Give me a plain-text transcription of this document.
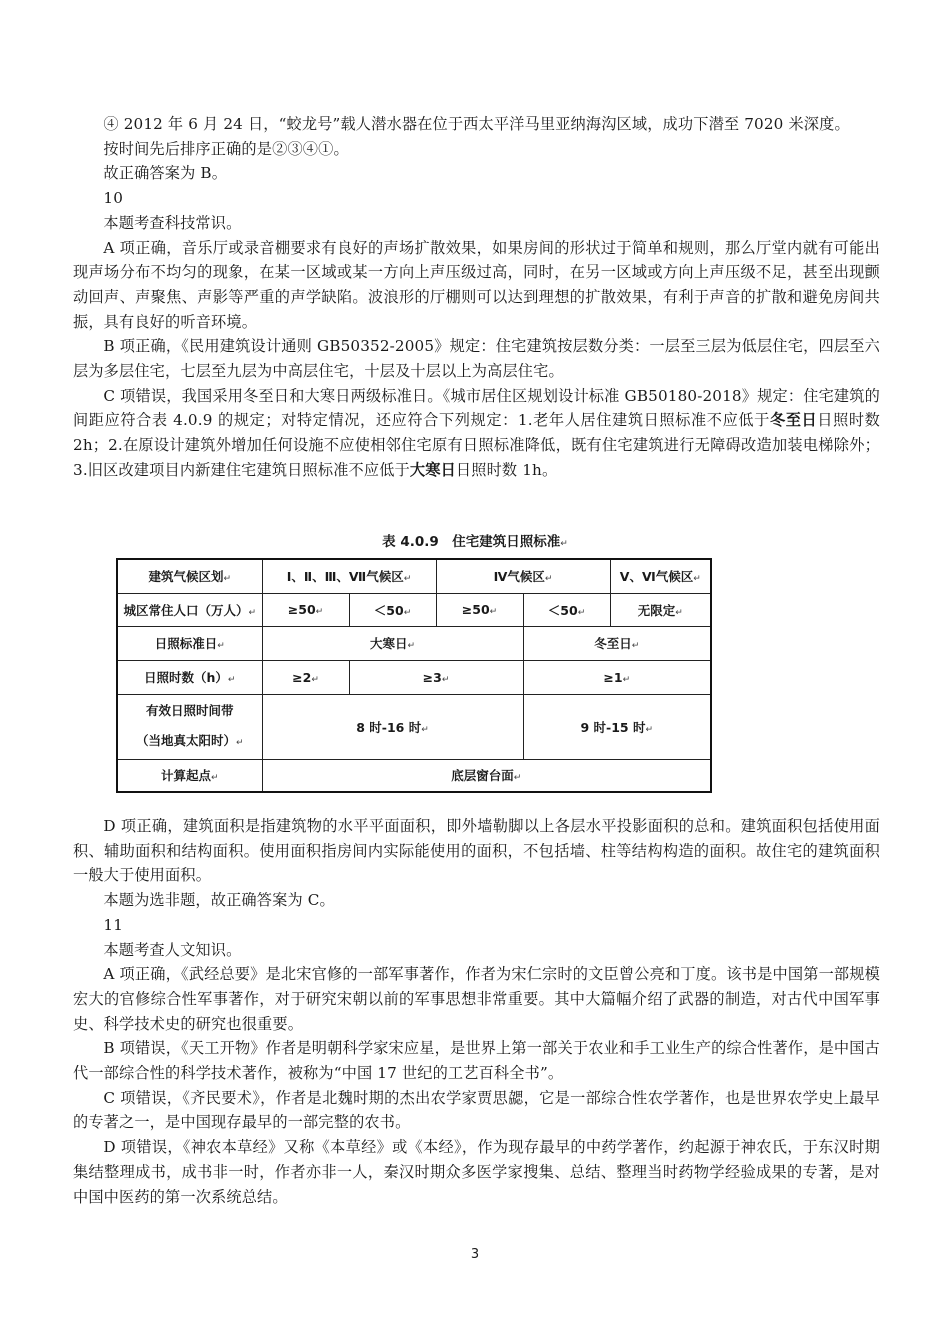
④ 2012 年 6 月 24 日，“蛟龙号”载人潜水器在位于西太平洋马里亚纳海沟区域，成功下潜至 7020 米深度。

按时间先后排序正确的是②③④①。

故正确答案为 B。

10

本题考查科技常识。

A 项正确，音乐厅或录音棚要求有良好的声场扩散效果，如果房间的形状过于简单和规则，那么厅堂内就有可能出现声场分布不均匀的现象，在某一区域或某一方向上声压级过高，同时，在另一区域或方向上声压级不足，甚至出现颤动回声、声聚焦、声影等严重的声学缺陷。波浪形的厅棚则可以达到理想的扩散效果，有利于声音的扩散和避免房间共振，具有良好的听音环境。

B 项正确，《民用建筑设计通则 GB50352-2005》规定：住宅建筑按层数分类：一层至三层为低层住宅，四层至六层为多层住宅，七层至九层为中高层住宅，十层及十层以上为高层住宅。

C 项错误，我国采用冬至日和大寒日两级标准日。《城市居住区规划设计标准 GB50180-2018》规定：住宅建筑的间距应符合表 4.0.9 的规定；对特定情况，还应符合下列规定：1.老年人居住建筑日照标准不应低于冬至日日照时数 2h；2.在原设计建筑外增加任何设施不应使相邻住宅原有日照标准降低，既有住宅建筑进行无障碍改造加装电梯除外；3.旧区改建项目内新建住宅建筑日照标准不应低于大寒日日照时数 1h。

表 4.0.9　住宅建筑日照标准↵
建筑气候区划↵	Ⅰ、Ⅱ、Ⅲ、Ⅶ气候区↵		Ⅳ气候区↵		Ⅴ、Ⅵ气候区↵
城区常住人口（万人）↵	≥50↵	＜50↵	≥50↵	＜50↵	无限定↵
日照标准日↵	大寒日↵			冬至日↵	
日照时数（h）↵	≥2↵	≥3↵		≥1↵	

有效日照时间带
（当地真太阳时）↵	8 时-16 时↵			9 时-15 时↵	
计算起点↵	底层窗台面↵				

D 项正确，建筑面积是指建筑物的水平平面面积，即外墙勒脚以上各层水平投影面积的总和。建筑面积包括使用面积、辅助面积和结构面积。使用面积指房间内实际能使用的面积，不包括墙、柱等结构构造的面积。故住宅的建筑面积一般大于使用面积。

本题为选非题，故正确答案为 C。

11

本题考查人文知识。

A 项正确，《武经总要》是北宋官修的一部军事著作，作者为宋仁宗时的文臣曾公亮和丁度。该书是中国第一部规模宏大的官修综合性军事著作，对于研究宋朝以前的军事思想非常重要。其中大篇幅介绍了武器的制造，对古代中国军事史、科学技术史的研究也很重要。

B 项错误，《天工开物》作者是明朝科学家宋应星，是世界上第一部关于农业和手工业生产的综合性著作，是中国古代一部综合性的科学技术著作，被称为“中国 17 世纪的工艺百科全书”。

C 项错误，《齐民要术》，作者是北魏时期的杰出农学家贾思勰，它是一部综合性农学著作，也是世界农学史上最早的专著之一，是中国现存最早的一部完整的农书。

D 项错误，《神农本草经》又称《本草经》或《本经》，作为现存最早的中药学著作，约起源于神农氏，于东汉时期集结整理成书，成书非一时，作者亦非一人，秦汉时期众多医学家搜集、总结、整理当时药物学经验成果的专著，是对中国中医药的第一次系统总结。

3
